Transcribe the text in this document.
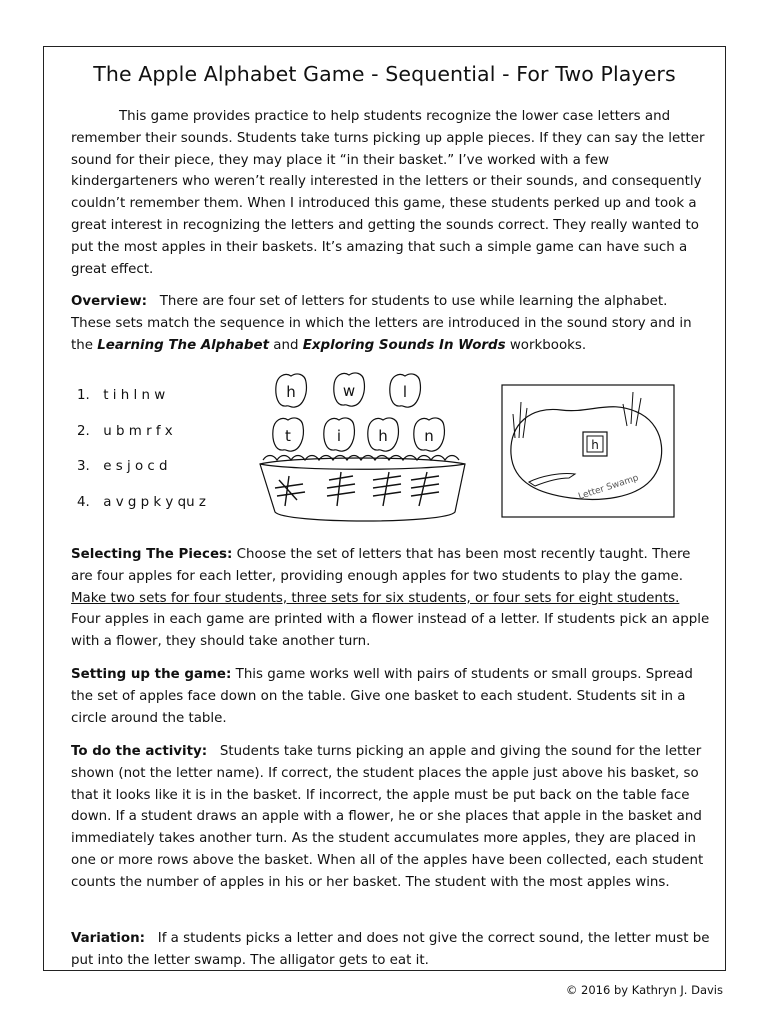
The Apple Alphabet Game - Sequential - For Two Players

This game provides practice to help students recognize the lower case letters and remember their sounds. Students take turns picking up apple pieces. If they can say the letter sound for their piece, they may place it “in their basket.” I’ve worked with a few kindergarteners who weren’t really interested in the letters or their sounds, and consequently couldn’t remember them. When I introduced this game, these students perked up and took a great interest in recognizing the letters and getting the sounds correct. They really wanted to put the most apples in their baskets. It’s amazing that such a simple game can have such a great effect.

Overview: There are four set of letters for students to use while learning the alphabet. These sets match the sequence in which the letters are introduced in the sound story and in the Learning The Alphabet and Exploring Sounds In Words workbooks.

1. t i h l n w
2. u b m r f x
3. e s j o c d
4. a v g p k y qu z
h	w	l
t	i h n	h
Letter Swamp

Selecting The Pieces: Choose the set of letters that has been most recently taught. There are four apples for each letter, providing enough apples for two students to play the game.  Make two sets for four students, three sets for six students, or four sets for eight students.  Four apples in each game are printed with a flower instead of a letter. If students pick an apple with a flower, they should take another turn.

Setting up the game: This game works well with pairs of students or small groups. Spread the set of apples face down on the table. Give one basket to each student. Students sit in a circle around the table.

To do the activity: Students take turns picking an apple and giving the sound for the letter shown (not the letter name). If correct, the student places the apple just above his basket, so that it looks like it is in the basket. If incorrect, the apple must be put back on the table face down. If a student draws an apple with a flower, he or she places that apple in the basket and immediately takes another turn. As the student accumulates more apples, they are placed in one or more rows above the basket. When all of the apples have been collected, each student counts the number of apples in his or her basket. The student with the most apples wins.

Variation: If a students picks a letter and does not give the correct sound, the letter must be put into the letter swamp. The alligator gets to eat it.

© 2016 by Kathryn J. Davis
